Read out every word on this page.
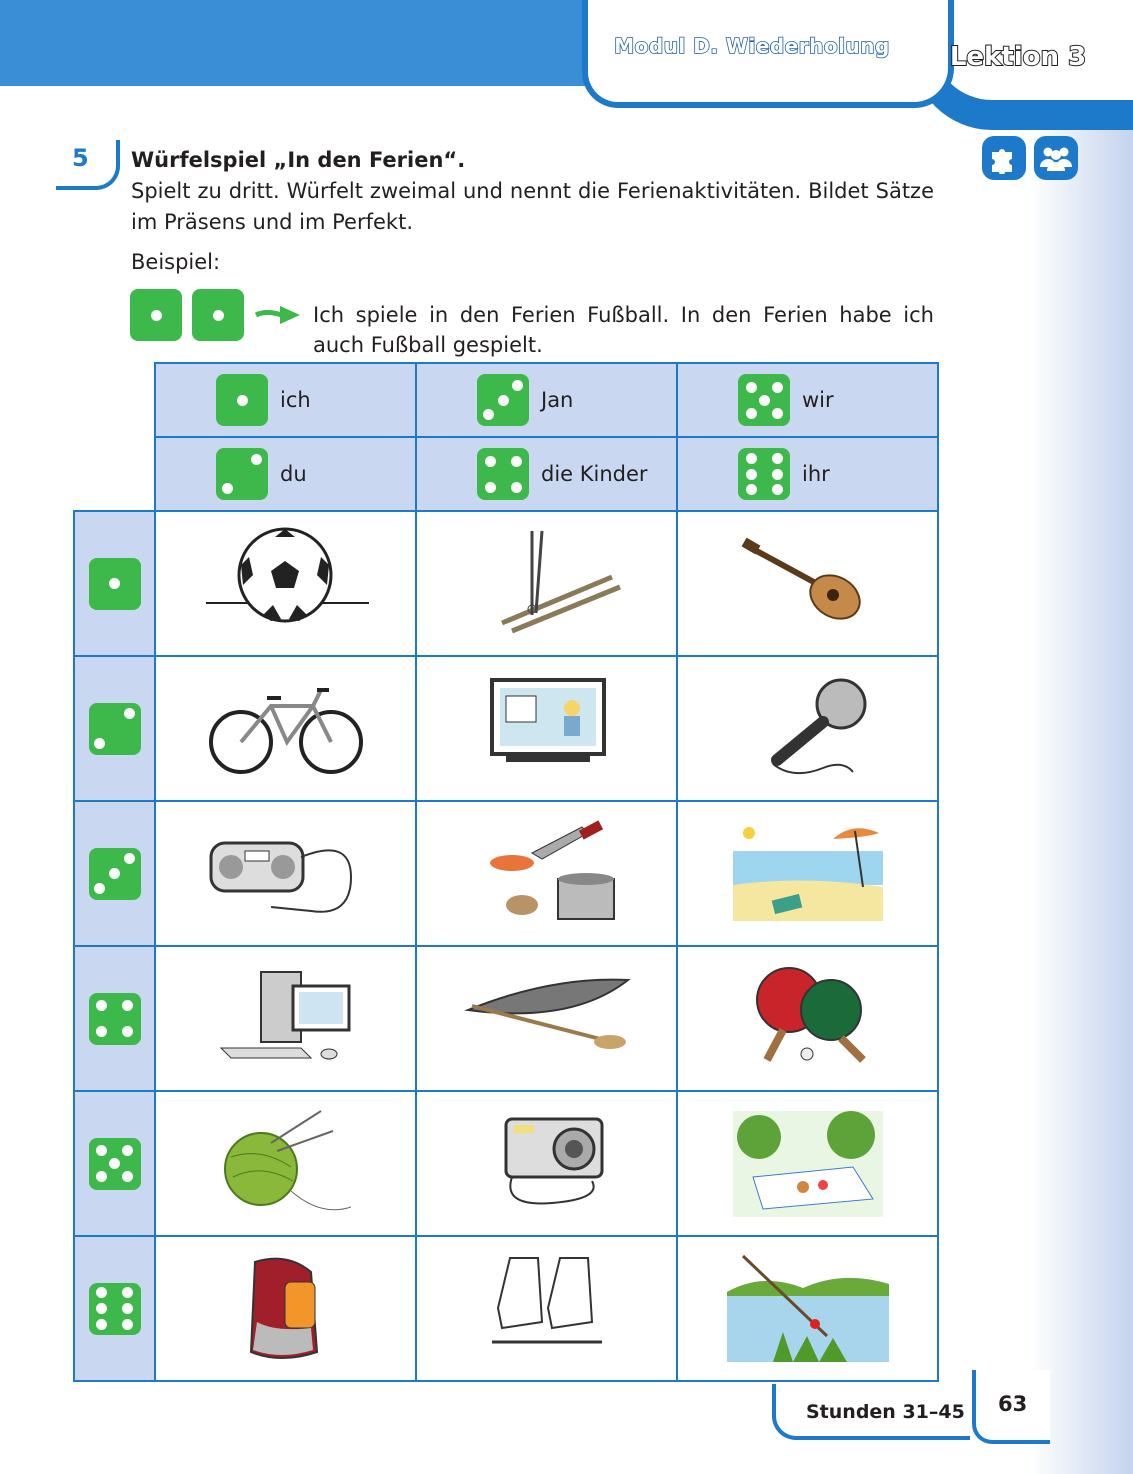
Modul D. Wiederholung	Lektion 3
5 Würfelspiel „In den Ferien“.
Spielt zu dritt. Würfelt zweimal und nennt die Ferienaktivitäten. Bildet Sätze im Präsens und im Perfekt.
Beispiel:
Ich spiele in den Ferien Fußball. In den Ferien habe ich auch Fußball gespielt.

	ich	Jan	wir

	du	die Kinder	ihr

Stunden 31–45 63
